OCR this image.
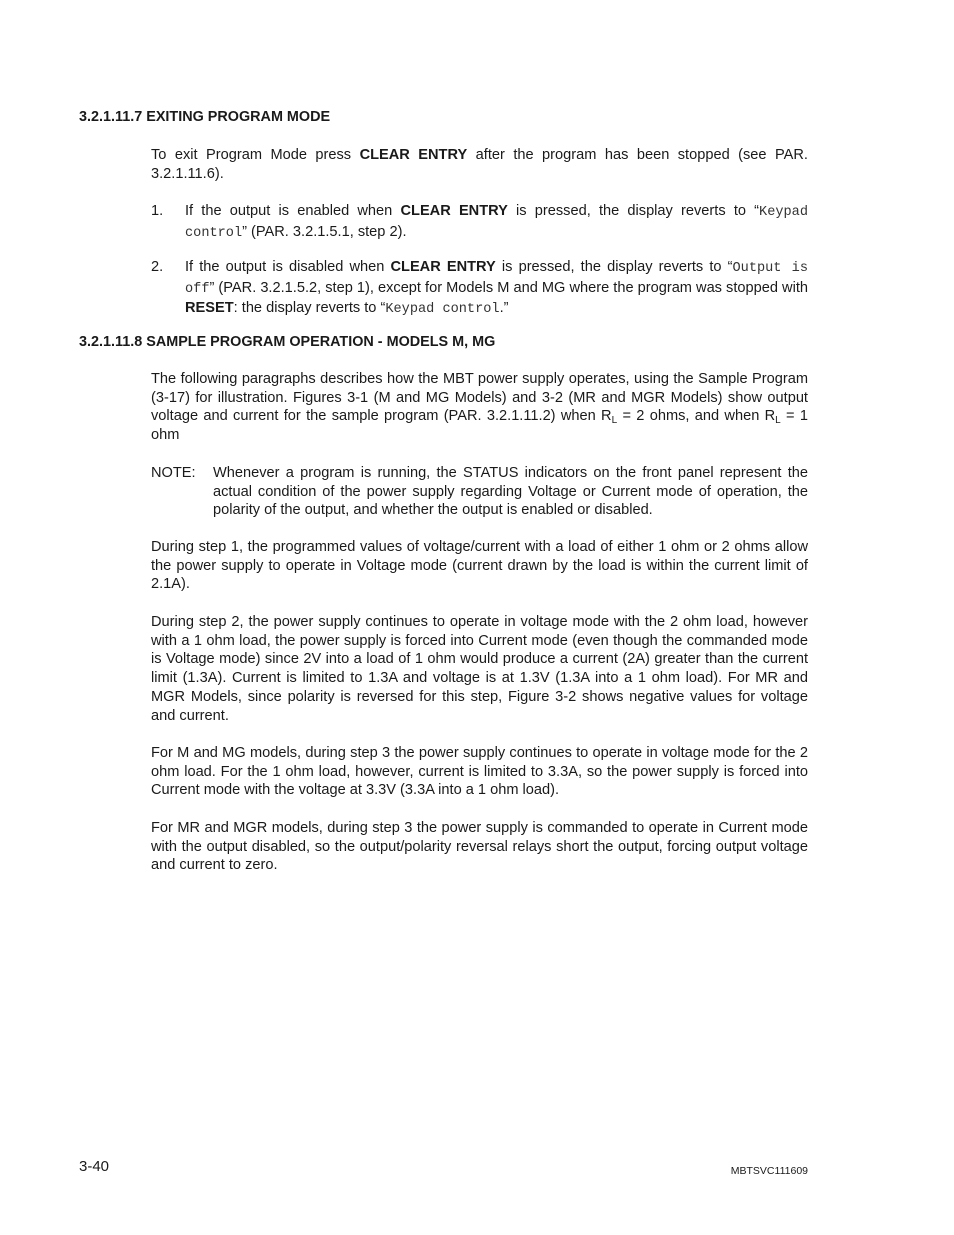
3.2.1.11.7 EXITING PROGRAM MODE
To exit Program Mode press CLEAR ENTRY after the program has been stopped (see PAR. 3.2.1.11.6).
1. If the output is enabled when CLEAR ENTRY is pressed, the display reverts to “Keypad control” (PAR. 3.2.1.5.1, step 2).
2. If the output is disabled when CLEAR ENTRY is pressed, the display reverts to “Output is off” (PAR. 3.2.1.5.2, step 1), except for Models M and MG where the program was stopped with RESET: the display reverts to “Keypad control.”
3.2.1.11.8 SAMPLE PROGRAM OPERATION - MODELS M, MG
The following paragraphs describes how the MBT power supply operates, using the Sample Program (3-17) for illustration. Figures 3-1 (M and MG Models) and 3-2 (MR and MGR Models) show output voltage and current for the sample program (PAR. 3.2.1.11.2) when $R_L = 2$ ohms, and when $R_L = 1$ ohm
NOTE: Whenever a program is running, the STATUS indicators on the front panel represent the actual condition of the power supply regarding Voltage or Current mode of operation, the polarity of the output, and whether the output is enabled or disabled.
During step 1, the programmed values of voltage/current with a load of either 1 ohm or 2 ohms allow the power supply to operate in Voltage mode (current drawn by the load is within the current limit of 2.1A).
During step 2, the power supply continues to operate in voltage mode with the 2 ohm load, however with a 1 ohm load, the power supply is forced into Current mode (even though the commanded mode is Voltage mode) since 2V into a load of 1 ohm would produce a current (2A) greater than the current limit (1.3A). Current is limited to 1.3A and voltage is at 1.3V (1.3A into a 1 ohm load). For MR and MGR Models, since polarity is reversed for this step, Figure 3-2 shows negative values for voltage and current.
For M and MG models, during step 3 the power supply continues to operate in voltage mode for the 2 ohm load. For the 1 ohm load, however, current is limited to 3.3A, so the power supply is forced into Current mode with the voltage at 3.3V (3.3A into a 1 ohm load).
For MR and MGR models, during step 3 the power supply is commanded to operate in Current mode with the output disabled, so the output/polarity reversal relays short the output, forcing output voltage and current to zero.
3-40	MBTSVC111609
